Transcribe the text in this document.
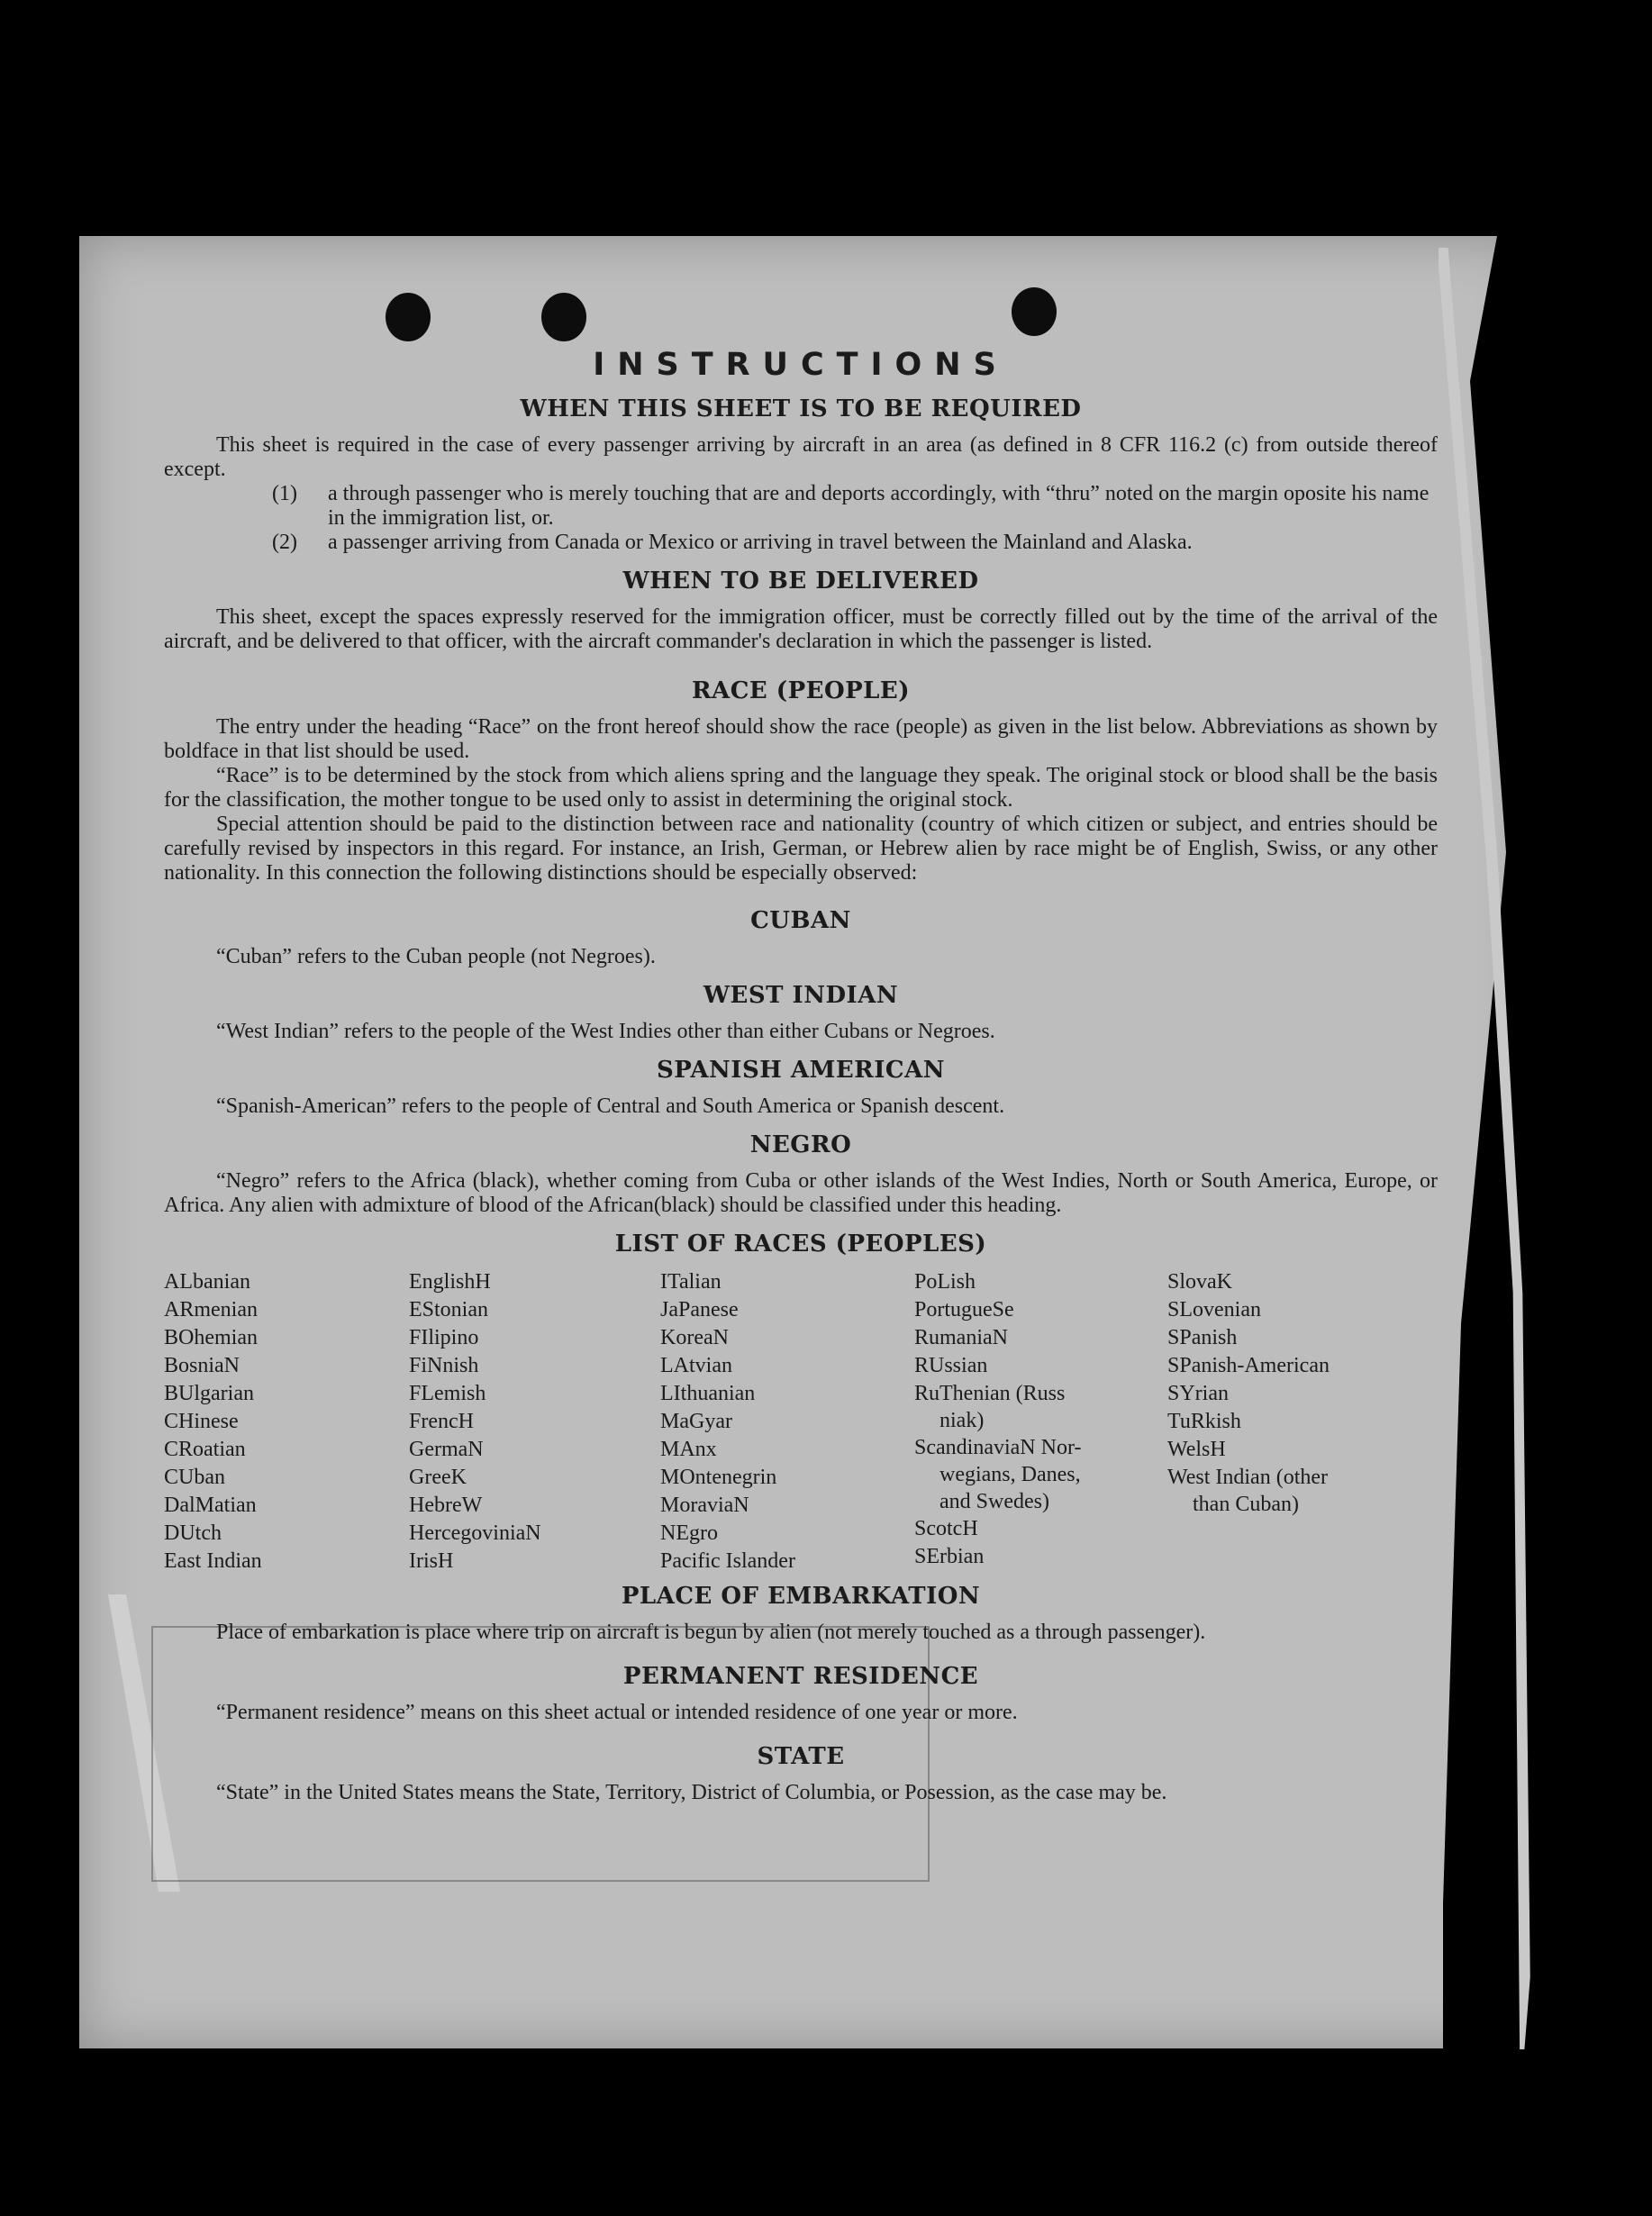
INSTRUCTIONS
WHEN THIS SHEET IS TO BE REQUIRED

This sheet is required in the case of every passenger arriving by aircraft in an area (as defined in 8 CFR 116.2 (c) from outside thereof except.

(1)	a through passenger who is merely touching that are and deports accordingly, with “thru” noted on the margin oposite his name in the immigration list, or.
(2)	a passenger arriving from Canada or Mexico or arriving in travel between the Mainland and Alaska.
WHEN TO BE DELIVERED

This sheet, except the spaces expressly reserved for the immigration officer, must be correctly filled out by the time of the arrival of the aircraft, and be delivered to that officer, with the aircraft commander's declaration in which the passenger is listed.

RACE (PEOPLE)

The entry under the heading “Race” on the front hereof should show the race (people) as given in the list below. Abbreviations as shown by boldface in that list should be used.

“Race” is to be determined by the stock from which aliens spring and the language they speak. The original stock or blood shall be the basis for the classification, the mother tongue to be used only to assist in determining the original stock.

Special attention should be paid to the distinction between race and nationality (country of which citizen or subject, and entries should be carefully revised by inspectors in this regard. For instance, an Irish, German, or Hebrew alien by race might be of English, Swiss, or any other nationality. In this connection the following distinctions should be especially observed:

CUBAN

“Cuban” refers to the Cuban people (not Negroes).

WEST INDIAN

“West Indian” refers to the people of the West Indies other than either Cubans or Negroes.

SPANISH AMERICAN

“Spanish-American” refers to the people of Central and South America or Spanish descent.

NEGRO

“Negro” refers to the Africa (black), whether coming from Cuba or other islands of the West Indies, North or South America, Europe, or Africa. Any alien with admixture of blood of the African(black) should be classified under this heading.

LIST OF RACES (PEOPLES)
ALbanian
ARmenian
BOhemian
BosniaN
BUlgarian
CHinese
CRoatian
CUban
DalMatian
DUtch
East Indian
EnglishH
EStonian
FIlipino
FiNnish
FLemish
FrencH
GermaN
GreeK
HebreW
HercegoviniaN
IrisH
ITalian
JaPanese
KoreaN
LAtvian
LIthuanian
MaGyar
MAnx
MOntenegrin
MoraviaN
NEgro
Pacific Islander
PoLish
PortugueSe
RumaniaN
RUssian
RuThenian (Russ
niak)
ScandinaviaN Nor-
wegians, Danes,
and Swedes)
ScotcH
SErbian
SlovaK
SLovenian
SPanish
SPanish-American
SYrian
TuRkish
WelsH
West Indian (other
than Cuban)
PLACE OF EMBARKATION

Place of embarkation is place where trip on aircraft is begun by alien (not merely touched as a through passenger).

PERMANENT RESIDENCE

“Permanent residence” means on this sheet actual or intended residence of one year or more.

STATE

“State” in the United States means the State, Territory, District of Columbia, or Posession, as the case may be.
